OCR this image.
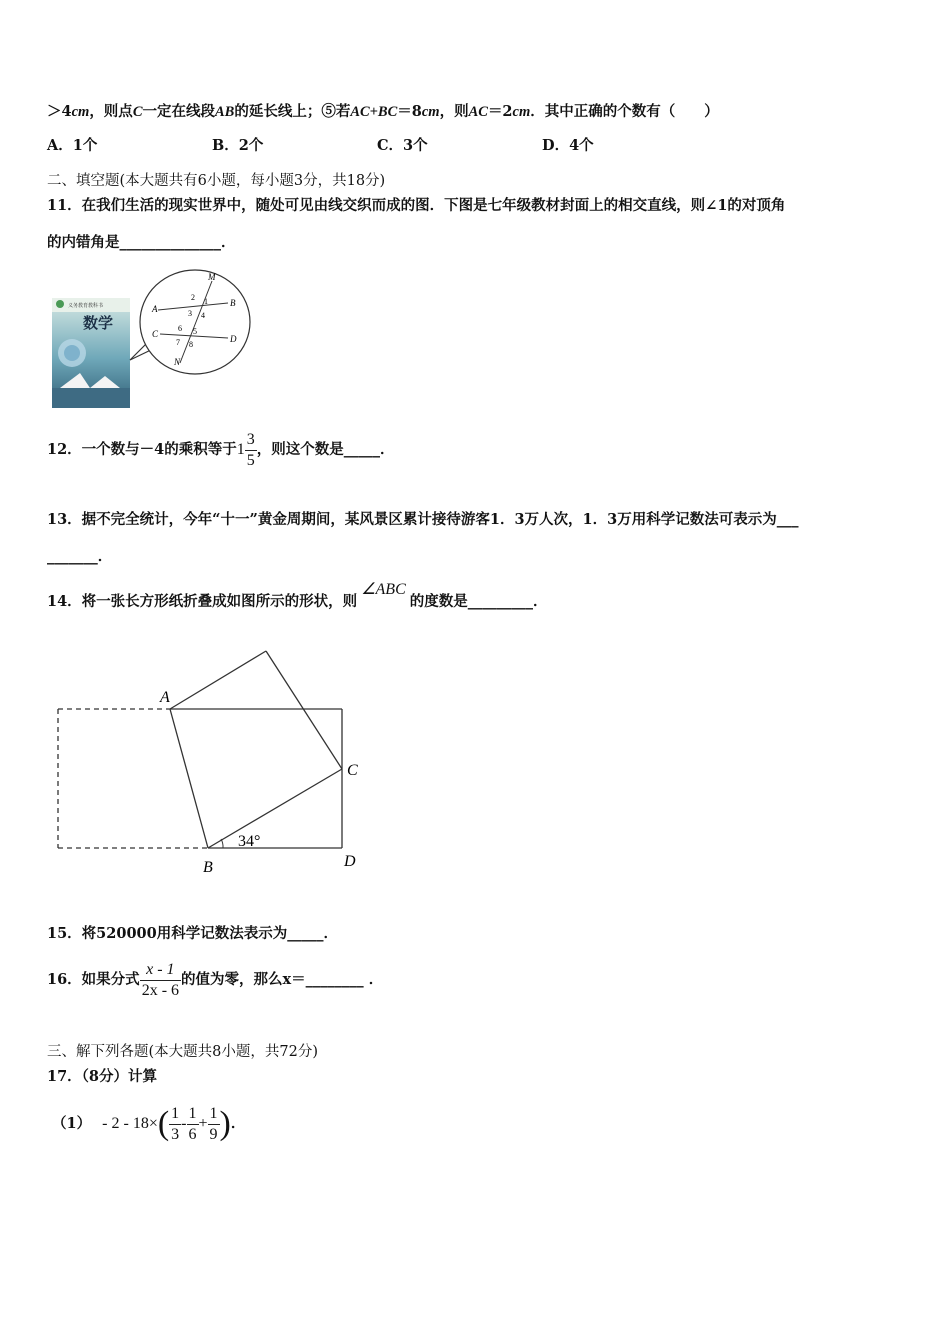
＞4cm，则点C一定在线段AB的延长线上；⑤若AC+BC＝8cm，则AC＝2cm．其中正确的个数有（　　）
A．1个	B．2个	C．3个	D．4个
二、填空题(本大题共有6小题，每小题3分，共18分)
11．在我们生活的现实世界中，随处可见由线交织而成的图．下图是七年级教材封面上的相交直线，则∠1的对顶角
的内错角是______________．
义务教育教科书
数学
M
N
A
B
C	D
2 1
3 4
6 5
7 8
12．一个数与－4的乘积等于$1 \frac{3}{5}$ ，则这个数是_____．
13．据不完全统计，今年“十一”黄金周期间，某风景区累计接待游客1．3万人次，1．3万用科学记数法可表示为___
_______．
14．将一张长方形纸折叠成如图所示的形状，则∠ABC的度数是_________．
A
B
C
D
34°
15．将520000用科学记数法表示为_____．
16．如果分式 $\frac{x - 1}{2x - 6}$ 的值为零，那么x＝________ ．
三、解下列各题(本大题共8小题，共72分)
17．（8分）计算
$(1) - 2 - 18\times( \frac{1}{3} - \frac{1}{6} + \frac{1}{9}$ )．
